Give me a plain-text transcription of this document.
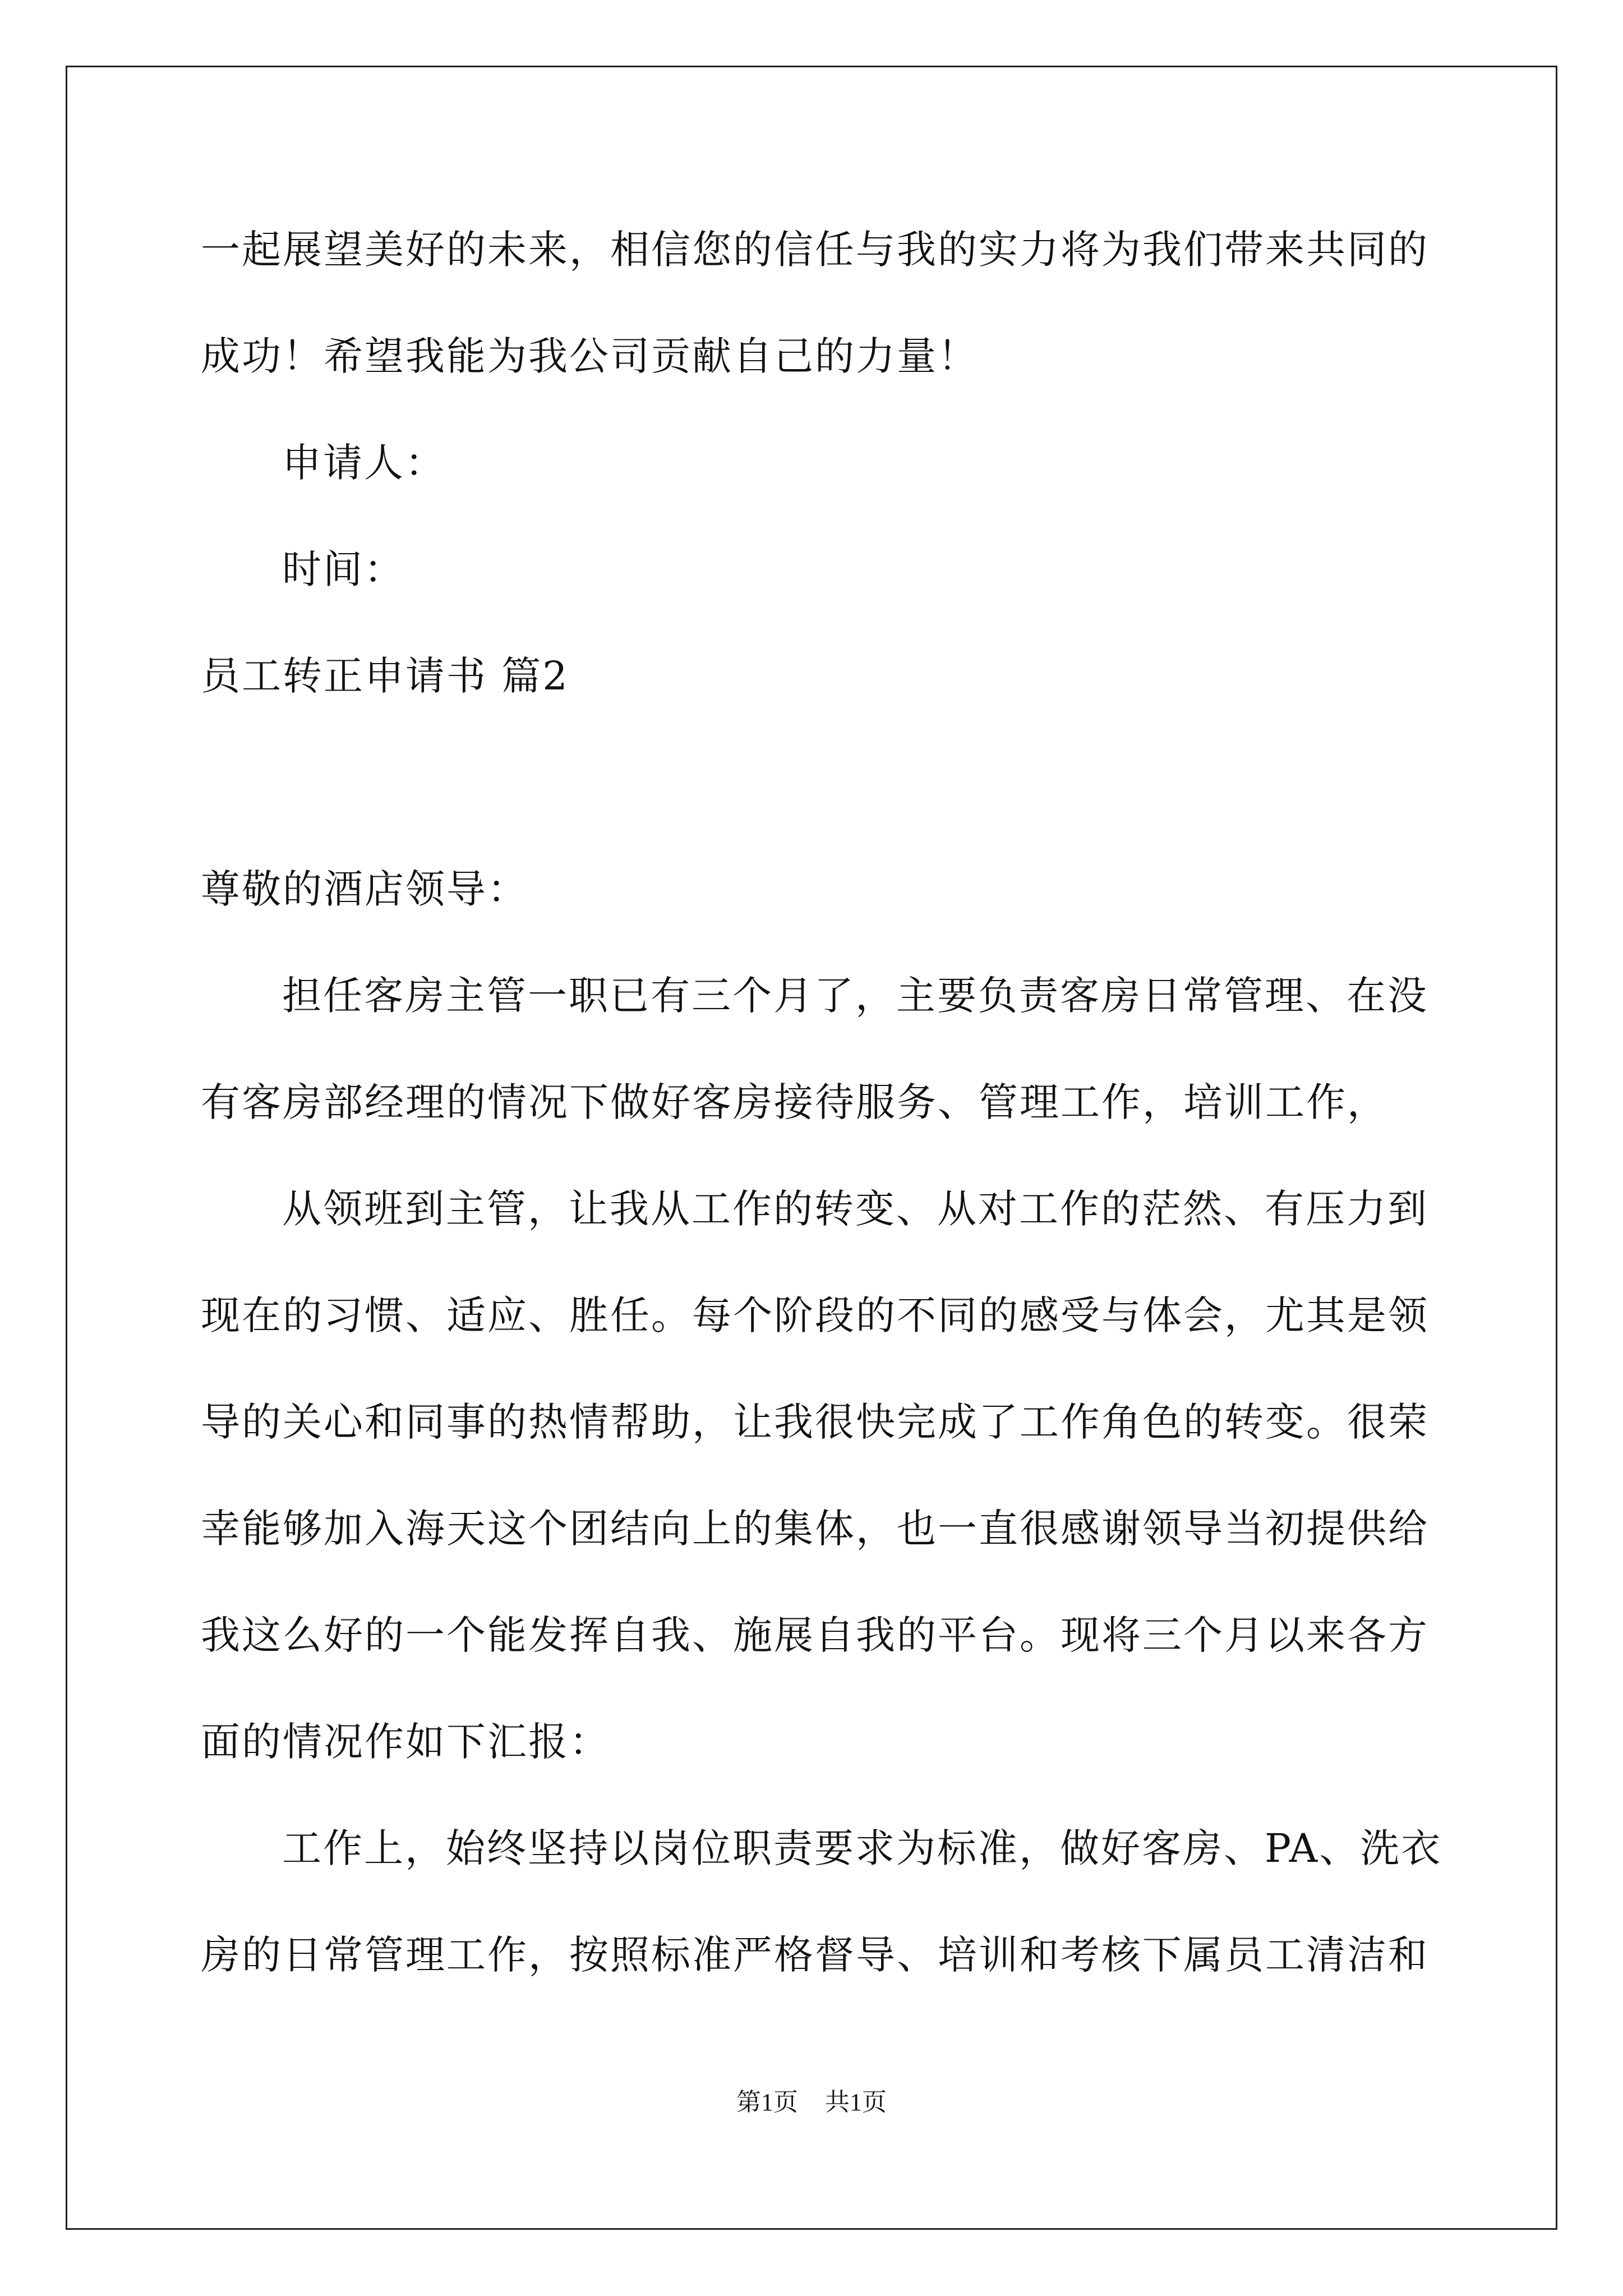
一起展望美好的未来，相信您的信任与我的实力将为我们带来共同的
成功！希望我能为我公司贡献自己的力量！
申请人：
时间：
员工转正申请书 篇2
尊敬的酒店领导：
担任客房主管一职已有三个月了，主要负责客房日常管理、在没
有客房部经理的情况下做好客房接待服务、管理工作，培训工作，
从领班到主管，让我从工作的转变、从对工作的茫然、有压力到
现在的习惯、适应、胜任。每个阶段的不同的感受与体会，尤其是领
导的关心和同事的热情帮助，让我很快完成了工作角色的转变。很荣
幸能够加入海天这个团结向上的集体，也一直很感谢领导当初提供给
我这么好的一个能发挥自我、施展自我的平台。现将三个月以来各方
面的情况作如下汇报：
工作上，始终坚持以岗位职责要求为标准，做好客房、PA、洗衣
房的日常管理工作，按照标准严格督导、培训和考核下属员工清洁和
第1页 共1页
